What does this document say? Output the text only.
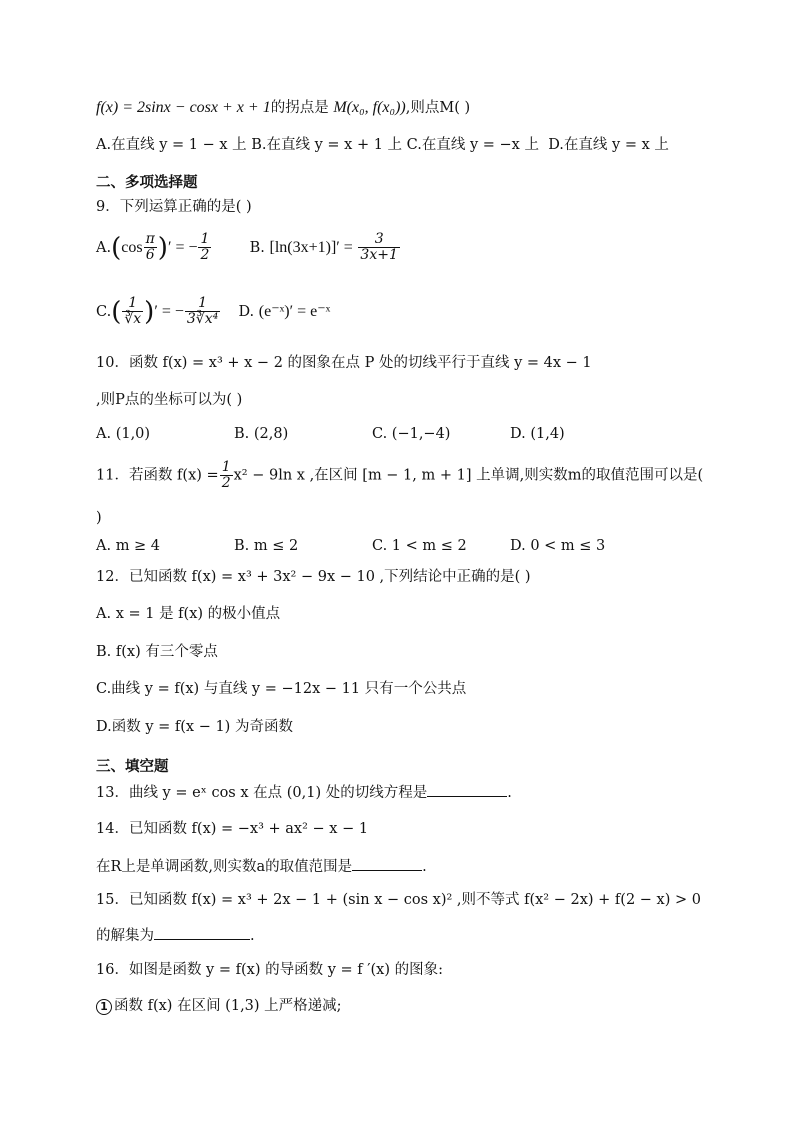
f(x) = 2sinx − cosx + x + 1的拐点是 M(x₀, f(x₀)),则点M( )
A.在直线 y = 1 − x 上 B.在直线 y = x + 1 上 C.在直线 y = −x 上 D.在直线 y = x 上
二、多项选择题
9．下列运算正确的是( )
$A.(\cos \frac{\pi}{6}$ )′ = − $\frac{1}{2}$	B. $[\ln(3x+1)]' = \frac{3}{3x+1}$
$C.( \frac{1}{∛x}$ )′ = − $\frac{1}{\text{3∛x⁴}} D$. (e⁻ˣ)′ = e⁻ˣ
10．函数 f(x) = x³ + x − 2 的图象在点 P 处的切线平行于直线 y = 4x − 1
,则P点的坐标可以为( )
A. (1,0)	B. (2,8)	C. (−1,−4)	D. (1,4)
11．若函数 $f(x) = \frac{1}{2} x^2 - 9\ln$ x ,在区间 [m − 1, m + 1] 上单调,则实数m的取值范围可以是(
)
A. m ≥ 4	B. m ≤ 2	C. 1 < m ≤ 2	D. 0 < m ≤ 3
12．已知函数 f(x) = x³ + 3x² − 9x − 10 ,下列结论中正确的是( )
A. x = 1 是 f(x) 的极小值点
B. f(x) 有三个零点
C.曲线 y = f(x) 与直线 y = −12x − 11 只有一个公共点
D.函数 y = f(x − 1) 为奇函数
三、填空题
13．曲线 y = eˣ cos x 在点 (0,1) 处的切线方程是	.
14．已知函数 f(x) = −x³ + ax² − x − 1
在R上是单调函数,则实数a的取值范围是	.
15．已知函数 f(x) = x³ + 2x − 1 + (sin x − cos x)² ,则不等式 f(x² − 2x) + f(2 − x) > 0
的解集为	.
16．如图是函数 y = f(x) 的导函数 y = f ′(x) 的图象:
1 函数 f(x) 在区间 (1,3) 上严格递减;
